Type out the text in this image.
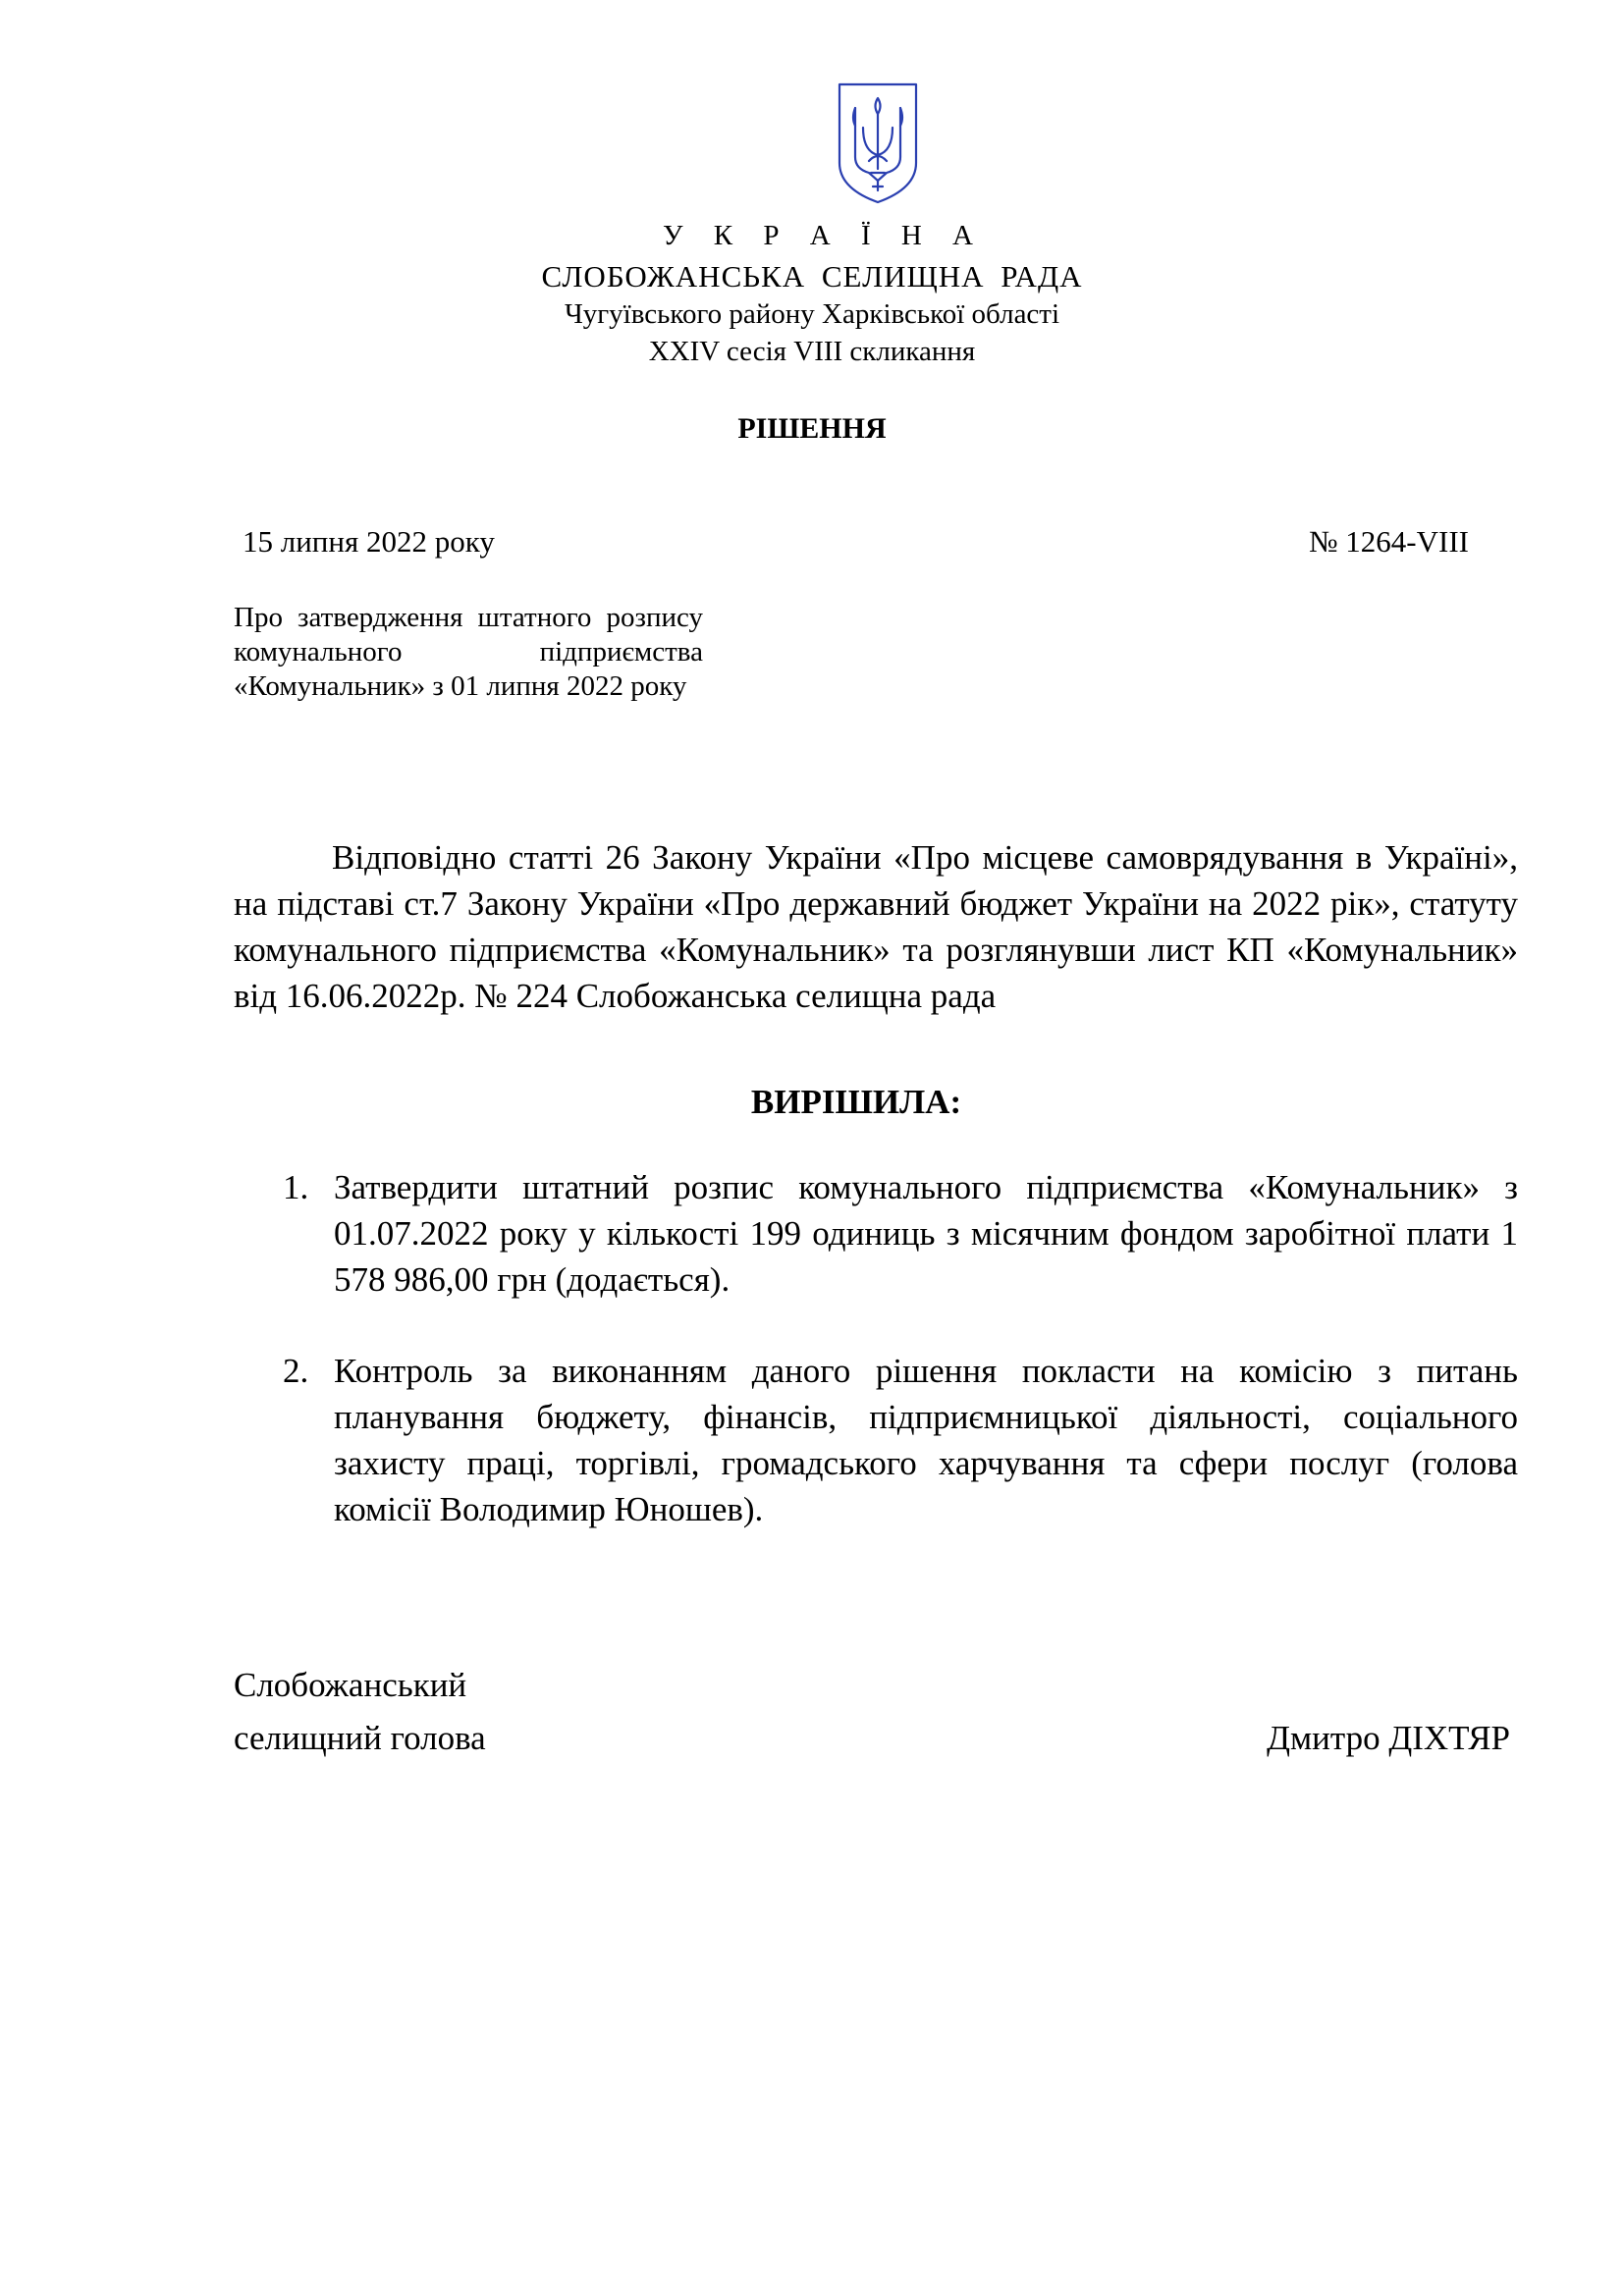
У К Р А Ї Н А
СЛОБОЖАНСЬКА СЕЛИЩНА РАДА
Чугуївського району Харківської області
XXIV сесія VIII скликання
РІШЕННЯ
15 липня 2022 року	№ 1264-VIII
Про затвердження штатного розпису комунального підприємства «Комунальник» з 01 липня 2022 року
Відповідно статті 26 Закону України «Про місцеве самоврядування в Україні», на підставі ст.7 Закону України «Про державний бюджет України на 2022 рік», статуту комунального підприємства «Комунальник» та розглянувши лист КП «Комунальник» від 16.06.2022р. № 224 Слобожанська селищна рада
ВИРІШИЛА:
1. Затвердити штатний розпис комунального підприємства «Комунальник» з 01.07.2022 року у кількості 199 одиниць з місячним фондом заробітної плати 1 578 986,00 грн (додається).
2. Контроль за виконанням даного рішення покласти на комісію з питань планування бюджету, фінансів, підприємницької діяльності, соціального захисту праці, торгівлі, громадського харчування та сфери послуг (голова комісії Володимир Юношев).
Слобожанський
селищний голова	Дмитро ДІХТЯР
